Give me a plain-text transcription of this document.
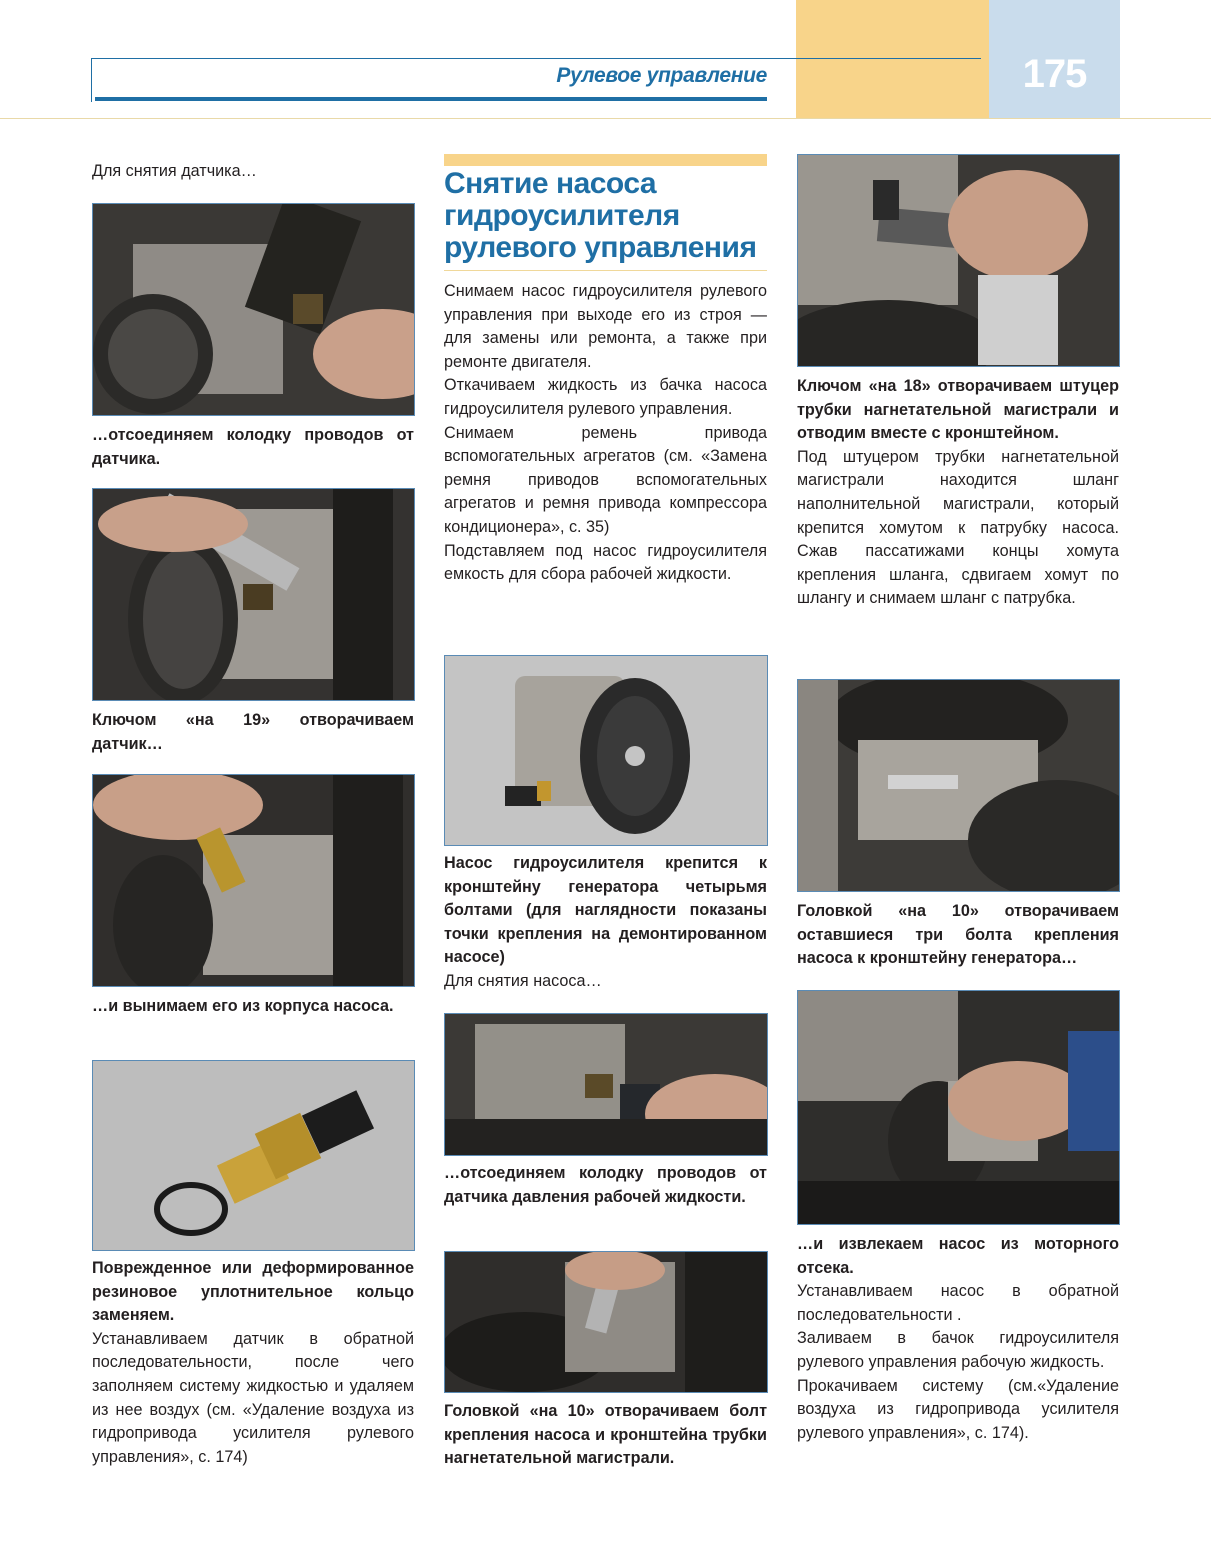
Рулевое управление	175

Для снятия датчика…

…отсоединяем колодку проводов от датчика.

Ключом «на 19» отворачиваем датчик…

…и вынимаем его из корпуса насоса.

Поврежденное или деформированное резиновое уплотнительное кольцо заменяем.

Устанавливаем датчик в обратной последовательности, после чего заполняем систему жидкостью и удаляем из нее воздух (см. «Удаление воздуха из гидропривода усилителя рулевого управления», с. 174)

Снятие насоса гидроусилителя рулевого управления

Снимаем насос гидроусилителя рулевого управления при выходе его из строя — для замены или ремонта, а также при ремонте двигателя.

Откачиваем жидкость из бачка насоса гидроусилителя рулевого управления.

Снимаем ремень привода вспомогательных агрегатов (см. «Замена ремня приводов вспомогательных агрегатов и ремня привода компрессора кондиционера», с. 35)

Подставляем под насос гидроусилителя емкость для сбора рабочей жидкости.

Насос гидроусилителя крепится к кронштейну генератора четырьмя болтами (для наглядности показаны точки крепления на демонтированном насосе)

Для снятия насоса…

…отсоединяем колодку проводов от датчика давления рабочей жидкости.

Головкой «на 10» отворачиваем болт крепления насоса и кронштейна трубки нагнетательной магистрали.

Ключом «на 18» отворачиваем штуцер трубки нагнетательной магистрали и отводим вместе с кронштейном.

Под штуцером трубки нагнетательной магистрали находится шланг наполнительной магистрали, который крепится хомутом к патрубку насоса. Сжав пассатижами концы хомута крепления шланга, сдвигаем хомут по шлангу и снимаем шланг с патрубка.

Головкой «на 10» отворачиваем оставшиеся три болта крепления насоса к кронштейну генератора…

…и извлекаем насос из моторного отсека.

Устанавливаем насос в обратной последовательности .

Заливаем в бачок гидроусилителя рулевого управления рабочую жидкость.

Прокачиваем систему (см.«Удаление воздуха из гидропривода усилителя рулевого управления», с. 174).
